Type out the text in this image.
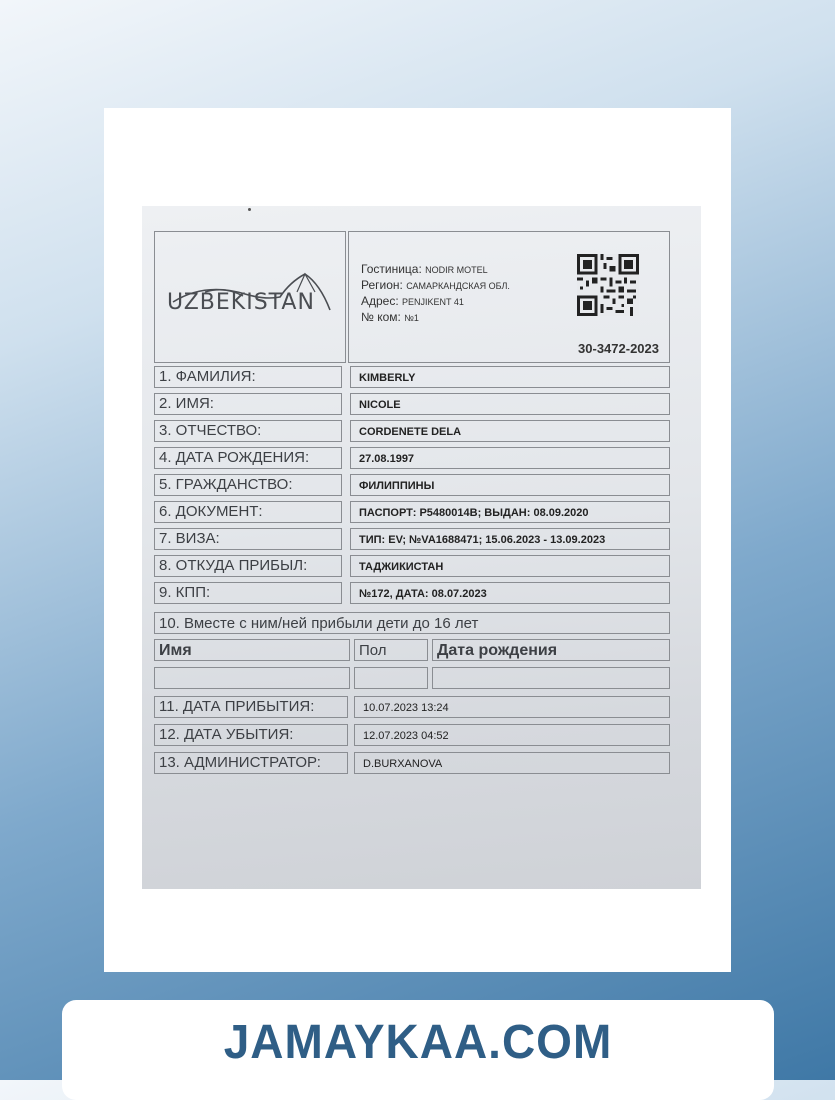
UZBEKISTAN
Гостиница: NODIR MOTEL
Регион: САМАРКАНДСКАЯ ОБЛ.
Адрес: PENJIKENT 41
№ ком: №1
30-3472-2023
1. ФАМИЛИЯ:	KIMBERLY
2. ИМЯ:	NICOLE
3. ОТЧЕСТВО:	CORDENETE DELA
4. ДАТА РОЖДЕНИЯ:	27.08.1997
5. ГРАЖДАНСТВО:	ФИЛИППИНЫ
6. ДОКУМЕНТ:	ПАСПОРТ: P5480014B; ВЫДАН: 08.09.2020
7. ВИЗА:	ТИП: EV; №VA1688471; 15.06.2023 - 13.09.2023
8. ОТКУДА ПРИБЫЛ:	ТАДЖИКИСТАН
9. КПП:	№172, ДАТА: 08.07.2023
10. Вместе с ним/ней прибыли дети до 16 лет
Имя	Пол	Дата рождения
11. ДАТА ПРИБЫТИЯ:	10.07.2023 13:24
12. ДАТА УБЫТИЯ:	12.07.2023 04:52
13. АДМИНИСТРАТОР:	D.BURXANOVA
JAMAYKAA.COM
